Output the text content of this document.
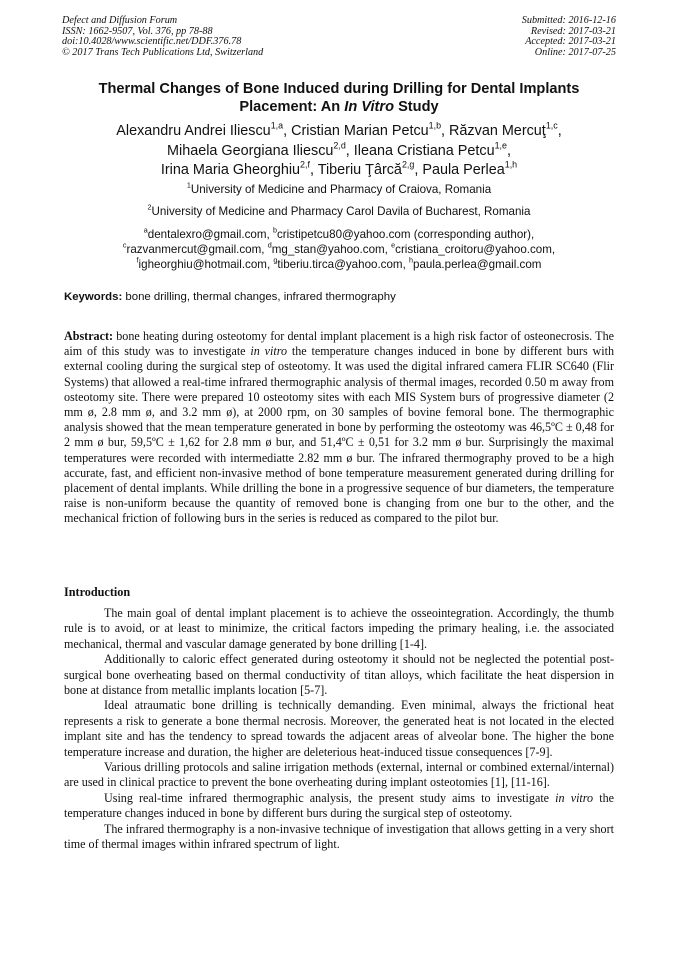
Defect and Diffusion Forum
ISSN: 1662-9507, Vol. 376, pp 78-88
doi:10.4028/www.scientific.net/DDF.376.78
© 2017 Trans Tech Publications Ltd, Switzerland
Submitted: 2016-12-16
Revised: 2017-03-21
Accepted: 2017-03-21
Online: 2017-07-25
Thermal Changes of Bone Induced during Drilling for Dental Implants
Placement: An In Vitro Study
Alexandru Andrei Iliescu$^{1,a}$, Cristian Marian Petcu$^{1,b}$, Răzvan Mercuţ$^{1,c}$,
Mihaela Georgiana Iliescu$^{2,d}$, Ileana Cristiana Petcu$^{1,e}$,
Irina Maria Gheorghiu$^{2,f}$, Tiberiu Ţârcă$^{2,g}$, Paula Perlea$^{1,h}$
$^1$University of Medicine and Pharmacy of Craiova, Romania
$^2$University of Medicine and Pharmacy Carol Davila of Bucharest, Romania
$^a$dentalexro@gmail.com, $^b$cristipetcu80@yahoo.com (corresponding author),
$^c$razvanmercut@gmail.com, $^d$mg_stan@yahoo.com, $^e$cristiana_croitoru@yahoo.com,
$^f$igheorghiu@hotmail.com, $^g$tiberiu.tirca@yahoo.com, $^h$paula.perlea@gmail.com
Keywords: bone drilling, thermal changes, infrared thermography
Abstract: bone heating during osteotomy for dental implant placement is a high risk factor of osteonecrosis. The aim of this study was to investigate in vitro the temperature changes induced in bone by different burs with external cooling during the surgical step of osteotomy. It was used the digital infrared camera FLIR SC640 (Flir Systems) that allowed a real-time infrared thermographic analysis of thermal images, recorded 0.50 m away from osteotomy site. There were prepared 10 osteotomy sites with each MIS System burs of progressive diameter (2 mm ø, 2.8 mm ø, and 3.2 mm ø), at 2000 rpm, on 30 samples of bovine femoral bone. The thermographic analysis showed that the mean temperature generated in bone by performing the osteotomy was 46,5ºC ± 0,48 for 2 mm ø bur, 59,5ºC ± 1,62 for 2.8 mm ø bur, and 51,4ºC ± 0,51 for 3.2 mm ø bur. Surprisingly the maximal temperatures were recorded with intermediatte 2.82 mm ø bur. The infrared thermography proved to be a high accurate, fast, and efficient non-invasive method of bone temperature measurement generated during drilling for placement of dental implants. While drilling the bone in a progressive sequence of bur diameters, the temperature raise is non-uniform because the quantity of removed bone is changing from one bur to the other, and the mechanical friction of following burs in the series is reduced as compared to the pilot bur.
Introduction

The main goal of dental implant placement is to achieve the osseointegration. Accordingly, the thumb rule is to avoid, or at least to minimize, the critical factors impeding the primary healing, i.e. the associated mechanical, thermal and vascular damage generated by bone drilling [1-4].

Additionally to caloric effect generated during osteotomy it should not be neglected the potential post-surgical bone overheating based on thermal conductivity of titan alloys, which facilitate the heat dispersion in bone at distance from metallic implants location [5-7].

Ideal atraumatic bone drilling is technically demanding. Even minimal, always the frictional heat represents a risk to generate a bone thermal necrosis. Moreover, the generated heat is not located in the elected implant site and has the tendency to spread towards the adjacent areas of alveolar bone. The higher the bone temperature increase and duration, the higher are deleterious heat-induced tissue consequences [7-9].

Various drilling protocols and saline irrigation methods (external, internal or combined external/internal) are used in clinical practice to prevent the bone overheating during implant osteotomies [1], [11-16].

Using real-time infrared thermographic analysis, the present study aims to investigate in vitro the temperature changes induced in bone by different burs during the surgical step of osteotomy.

The infrared thermography is a non-invasive technique of investigation that allows getting in a very short time of thermal images within infrared spectrum of light.
